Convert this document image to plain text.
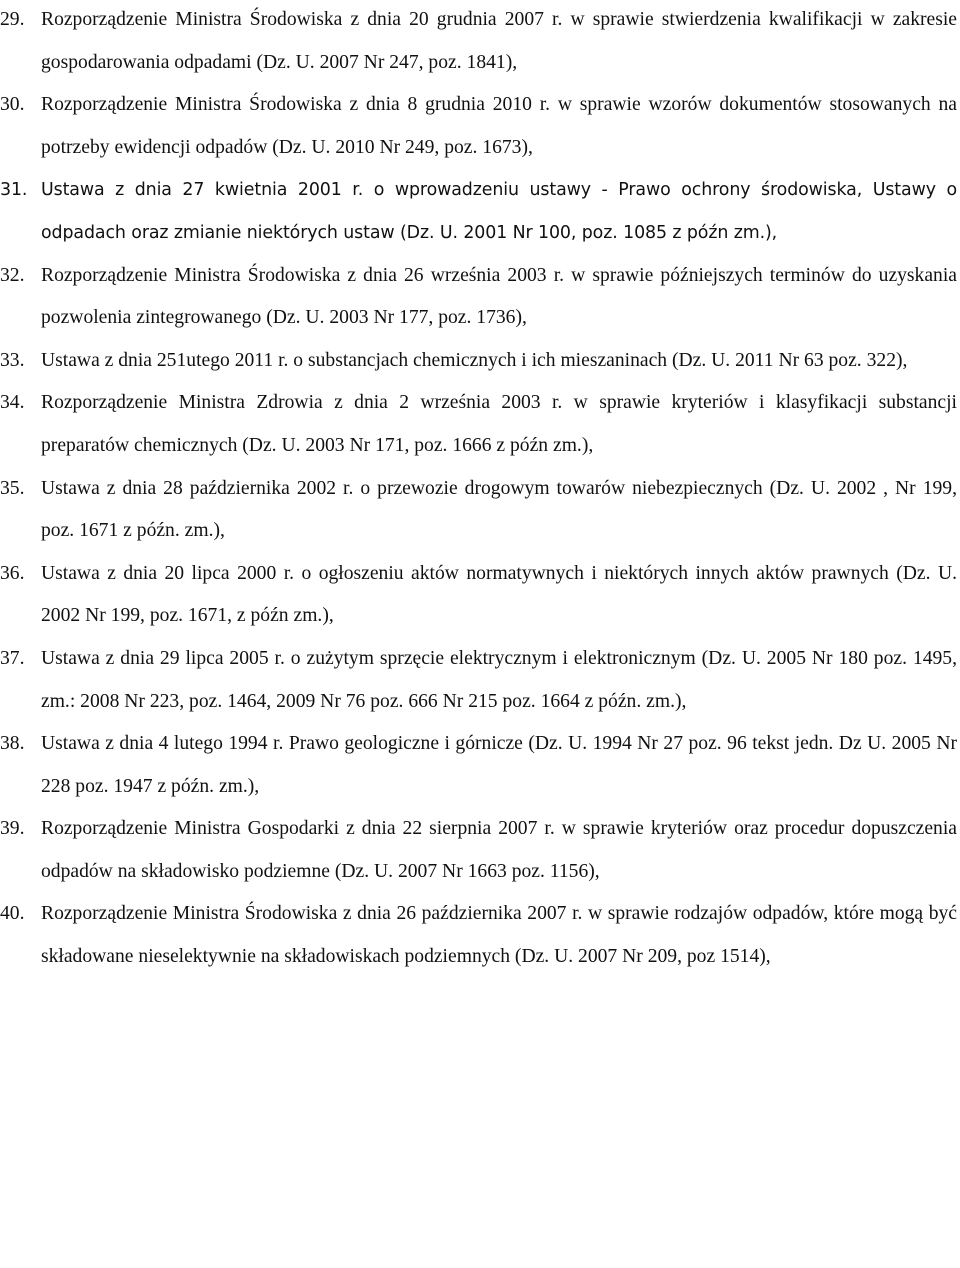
29. Rozporządzenie Ministra Środowiska z dnia 20 grudnia 2007 r. w sprawie stwierdzenia kwalifikacji w zakresie gospodarowania odpadami (Dz. U. 2007 Nr 247, poz. 1841),
30. Rozporządzenie Ministra Środowiska z dnia 8 grudnia 2010 r. w sprawie wzorów dokumentów stosowanych na potrzeby ewidencji odpadów (Dz. U. 2010 Nr 249, poz. 1673),
31. Ustawa z dnia 27 kwietnia 2001 r. o wprowadzeniu ustawy - Prawo ochrony środowiska, Ustawy o odpadach oraz zmianie niektórych ustaw (Dz. U. 2001 Nr 100, poz. 1085 z późn zm.),
32. Rozporządzenie Ministra Środowiska z dnia 26 września 2003 r. w sprawie późniejszych terminów do uzyskania pozwolenia zintegrowanego (Dz. U. 2003 Nr 177, poz. 1736),
33. Ustawa z dnia 251utego 2011 r. o substancjach chemicznych i ich mieszaninach (Dz. U. 2011 Nr 63 poz. 322),
34. Rozporządzenie Ministra Zdrowia z dnia 2 września 2003 r. w sprawie kryteriów i klasyfikacji substancji preparatów chemicznych (Dz. U. 2003 Nr 171, poz. 1666 z późn zm.),
35. Ustawa z dnia 28 października 2002 r. o przewozie drogowym towarów niebezpiecznych (Dz. U. 2002 , Nr 199, poz. 1671 z późn. zm.),
36. Ustawa z dnia 20 lipca 2000 r. o ogłoszeniu aktów normatywnych i niektórych innych aktów prawnych (Dz. U. 2002 Nr 199, poz. 1671, z późn zm.),
37. Ustawa z dnia 29 lipca 2005 r. o zużytym sprzęcie elektrycznym i elektronicznym (Dz. U. 2005 Nr 180 poz. 1495, zm.: 2008 Nr 223, poz. 1464, 2009 Nr 76 poz. 666 Nr 215 poz. 1664 z późn. zm.),
38. Ustawa z dnia 4 lutego 1994 r. Prawo geologiczne i górnicze (Dz. U. 1994 Nr 27 poz. 96 tekst jedn. Dz U. 2005 Nr 228 poz. 1947 z późn. zm.),
39. Rozporządzenie Ministra Gospodarki z dnia 22 sierpnia 2007 r. w sprawie kryteriów oraz procedur dopuszczenia odpadów na składowisko podziemne (Dz. U. 2007 Nr 1663 poz. 1156),
40. Rozporządzenie Ministra Środowiska z dnia 26 października 2007 r. w sprawie rodzajów odpadów, które mogą być składowane nieselektywnie na składowiskach podziemnych (Dz. U. 2007 Nr 209, poz 1514),
